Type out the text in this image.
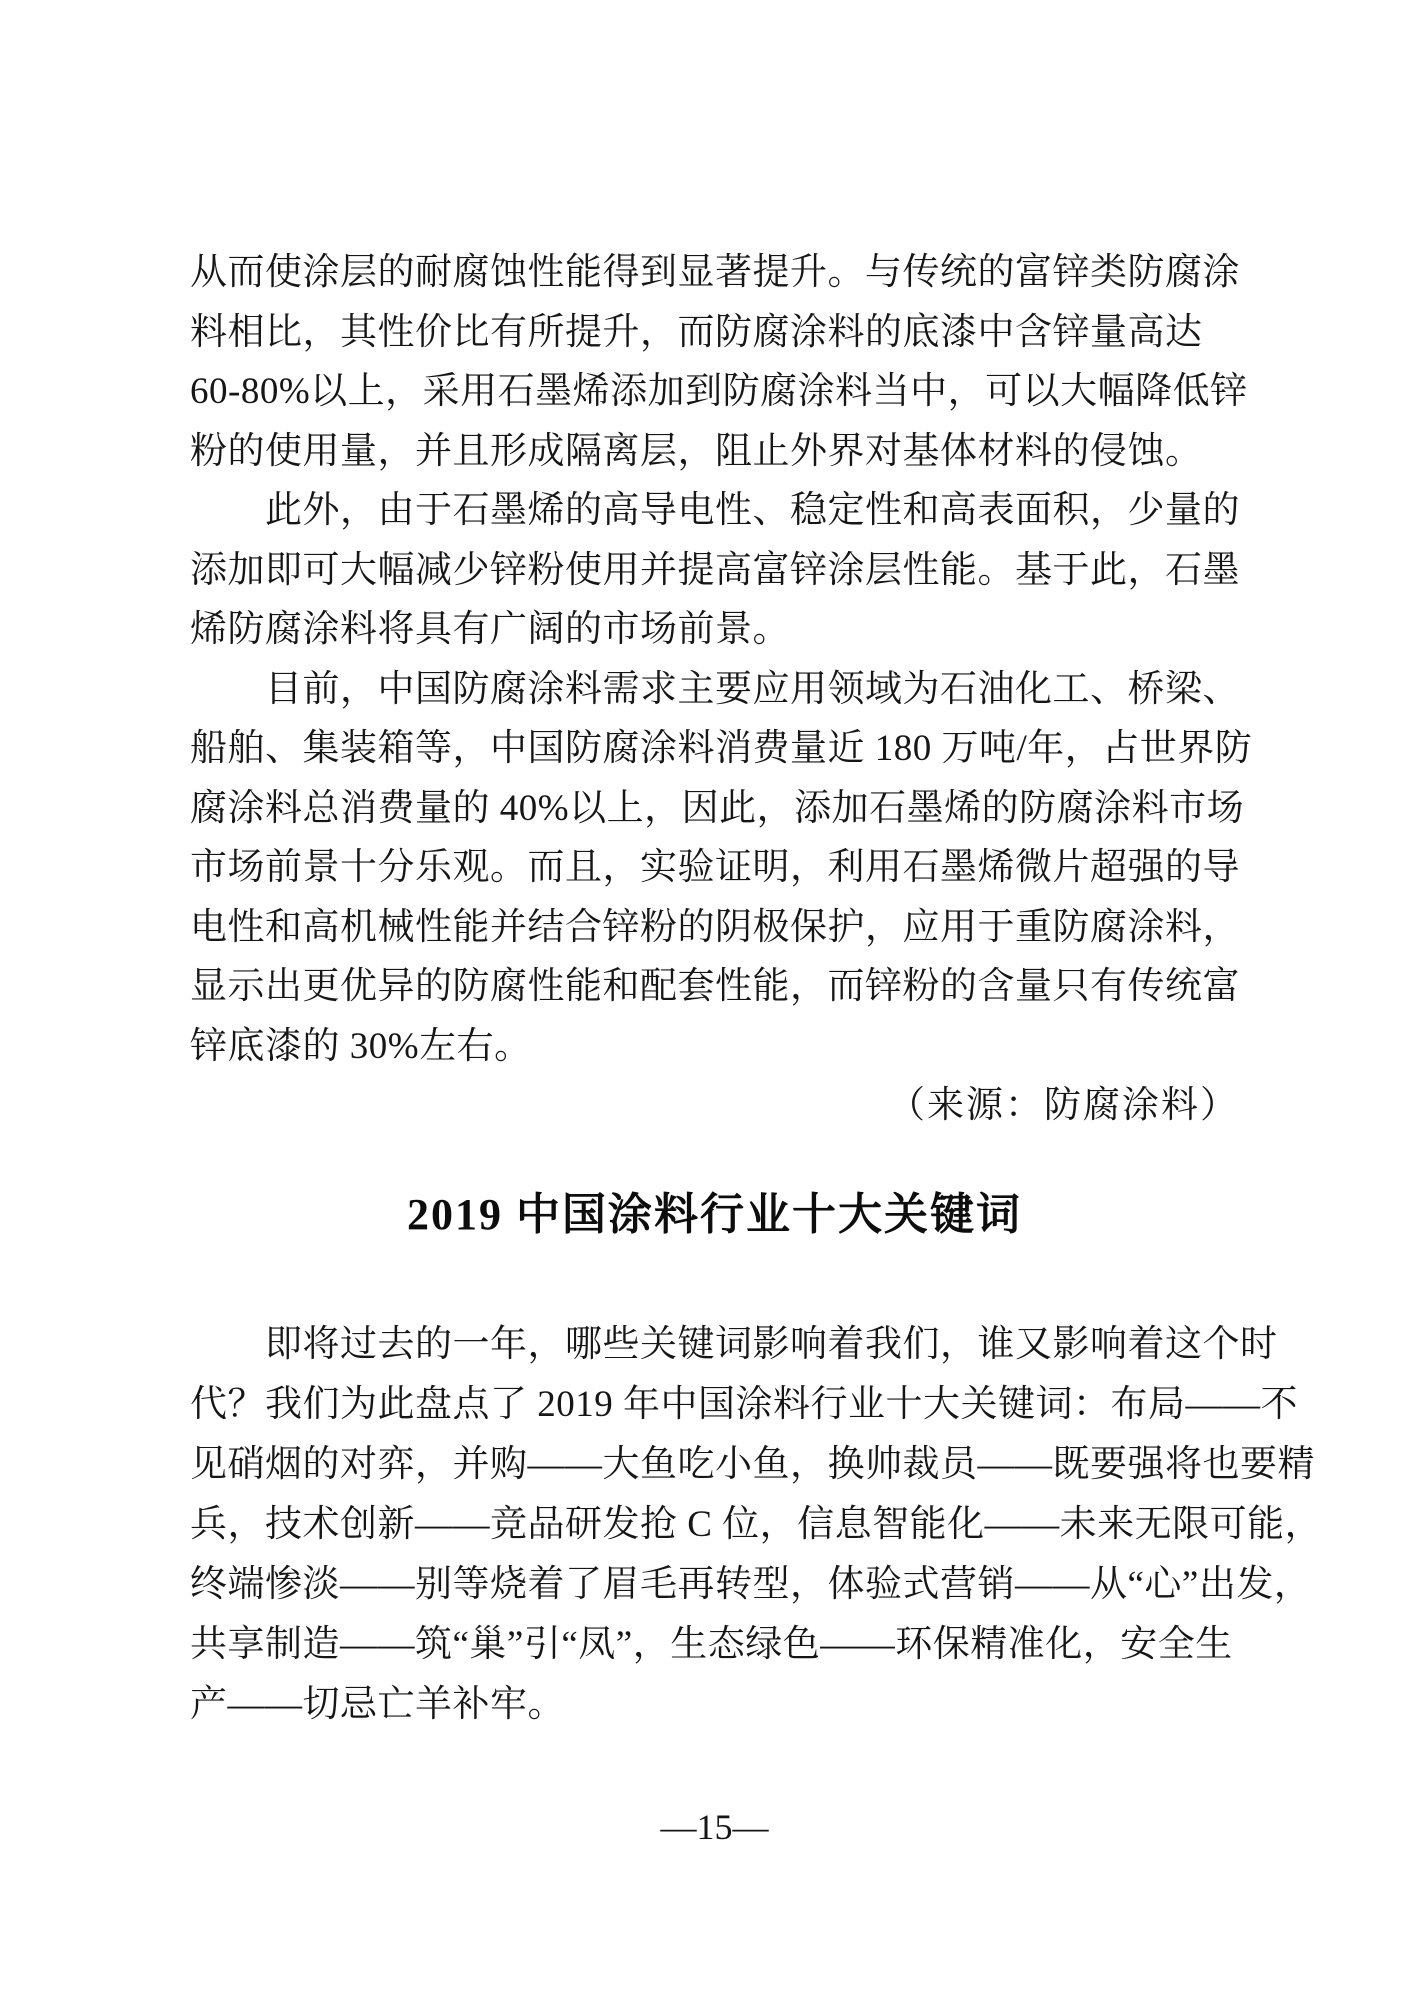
从而使涂层的耐腐蚀性能得到显著提升。与传统的富锌类防腐涂
料相比，其性价比有所提升，而防腐涂料的底漆中含锌量高达
60-80%以上，采用石墨烯添加到防腐涂料当中，可以大幅降低锌
粉的使用量，并且形成隔离层，阻止外界对基体材料的侵蚀。
此外，由于石墨烯的高导电性、稳定性和高表面积，少量的
添加即可大幅减少锌粉使用并提高富锌涂层性能。基于此，石墨
烯防腐涂料将具有广阔的市场前景。
目前，中国防腐涂料需求主要应用领域为石油化工、桥梁、
船舶、集装箱等，中国防腐涂料消费量近 180 万吨/年，占世界防
腐涂料总消费量的 40%以上，因此，添加石墨烯的防腐涂料市场
市场前景十分乐观。而且，实验证明，利用石墨烯微片超强的导
电性和高机械性能并结合锌粉的阴极保护，应用于重防腐涂料，
显示出更优异的防腐性能和配套性能，而锌粉的含量只有传统富
锌底漆的 30%左右。
（来源：防腐涂料）
2019 中国涂料行业十大关键词
即将过去的一年，哪些关键词影响着我们，谁又影响着这个时
代？我们为此盘点了 2019 年中国涂料行业十大关键词：布局——不
见硝烟的对弈，并购——大鱼吃小鱼，换帅裁员——既要强将也要精
兵，技术创新——竞品研发抢 C 位，信息智能化——未来无限可能，
终端惨淡——别等烧着了眉毛再转型，体验式营销——从“心”出发，
共享制造——筑“巢”引“凤”，生态绿色——环保精准化，安全生
产——切忌亡羊补牢。
—15—
